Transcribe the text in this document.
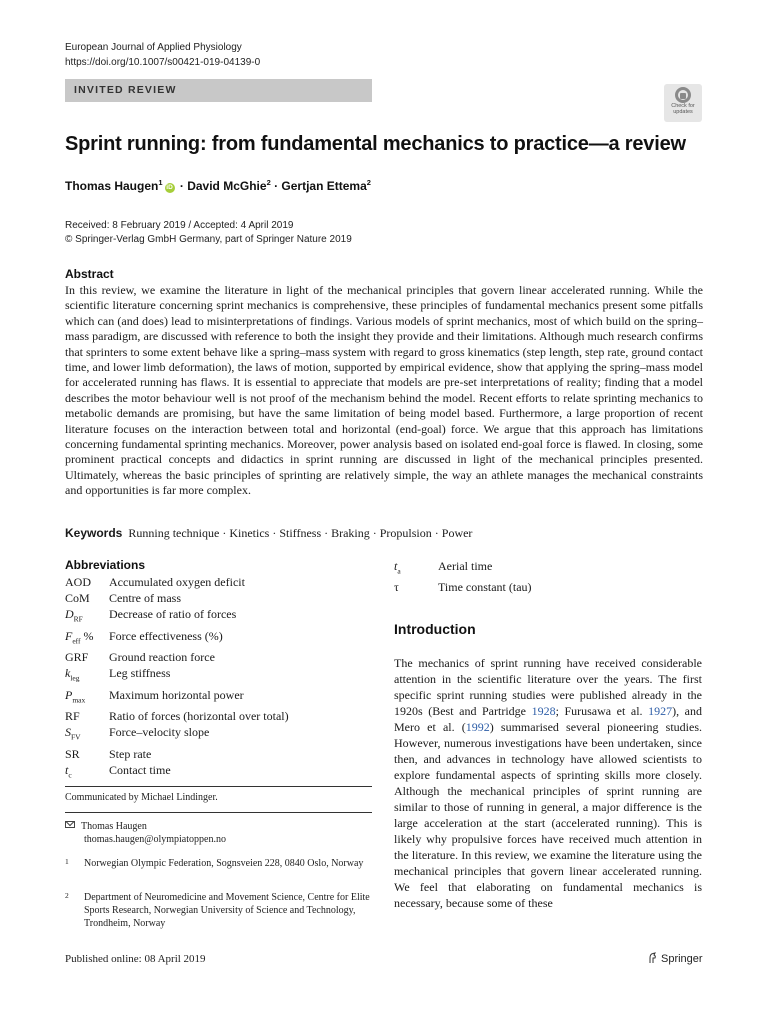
European Journal of Applied Physiology
https://doi.org/10.1007/s00421-019-04139-0
INVITED REVIEW
Check for
updates
Sprint running: from fundamental mechanics to practice—a review
Thomas Haugen$^1$iD · David McGhie$^2$ · Gertjan Ettema$^2$
Received: 8 February 2019 / Accepted: 4 April 2019
© Springer-Verlag GmbH Germany, part of Springer Nature 2019
Abstract
In this review, we examine the literature in light of the mechanical principles that govern linear accelerated running. While the scientific literature concerning sprint mechanics is comprehensive, these principles of fundamental mechanics present some pitfalls which can (and does) lead to misinterpretations of findings. Various models of sprint mechanics, most of which build on the spring–mass paradigm, are discussed with reference to both the insight they provide and their limitations. Although much research confirms that sprinters to some extent behave like a spring–mass system with regard to gross kinematics (step length, step rate, ground contact time, and lower limb deformation), the laws of motion, supported by empirical evidence, show that applying the spring–mass model for accelerated running has flaws. It is essential to appreciate that models are pre-set interpretations of reality; finding that a model describes the motor behaviour well is not proof of the mechanism behind the model. Recent efforts to relate sprinting mechanics to metabolic demands are promising, but have the same limitation of being model based. Furthermore, a large proportion of recent literature focuses on the interaction between total and horizontal (end-goal) force. We argue that this approach has limitations concerning fundamental sprinting mechanics. Moreover, power analysis based on isolated end-goal force is flawed. In closing, some prominent practical concepts and didactics in sprint running are discussed in light of the mechanical principles presented. Ultimately, whereas the basic principles of sprinting are relatively simple, the way an athlete manages the mechanical constraints and opportunities is far more complex.
Keywords Running technique · Kinetics · Stiffness · Braking · Propulsion · Power
Abbreviations
AOD	Accumulated oxygen deficit
CoM	Centre of mass
$D_{RF}$	Decrease of ratio of forces
$F_{eff}$ %	Force effectiveness (%)
GRF	Ground reaction force
$k_{leg}$	Leg stiffness
$P_{max}$	Maximum horizontal power
RF	Ratio of forces (horizontal over total)
$S_{FV}$	Force–velocity slope
SR	Step rate
$t_c$	Contact time
$t_a$	Aerial time
τ	Time constant (tau)
Introduction
The mechanics of sprint running have received considerable attention in the scientific literature over the years. The first specific sprint running studies were published already in the 1920s (Best and Partridge 1928; Furusawa et al. 1927), and Mero et al. (1992) summarised several pioneering studies. However, numerous investigations have been undertaken, since then, and advances in technology have allowed scientists to explore fundamental aspects of sprinting skills more closely. Although the mechanical principles of sprint running are similar to those of running in general, a major difference is the large acceleration at the start (accelerated running). This is likely why propulsive forces have received much attention in the literature. In this review, we examine the literature using the mechanical principles that govern linear accelerated running. We feel that elaborating on fundamental mechanics is necessary, because some of these
Communicated by Michael Lindinger.
Thomas Haugen
thomas.haugen@olympiatoppen.no
1 Norwegian Olympic Federation, Sognsveien 228, 0840 Oslo, Norway
2 Department of Neuromedicine and Movement Science, Centre for Elite Sports Research, Norwegian University of Science and Technology, Trondheim, Norway
Published online: 08 April 2019	Springer
